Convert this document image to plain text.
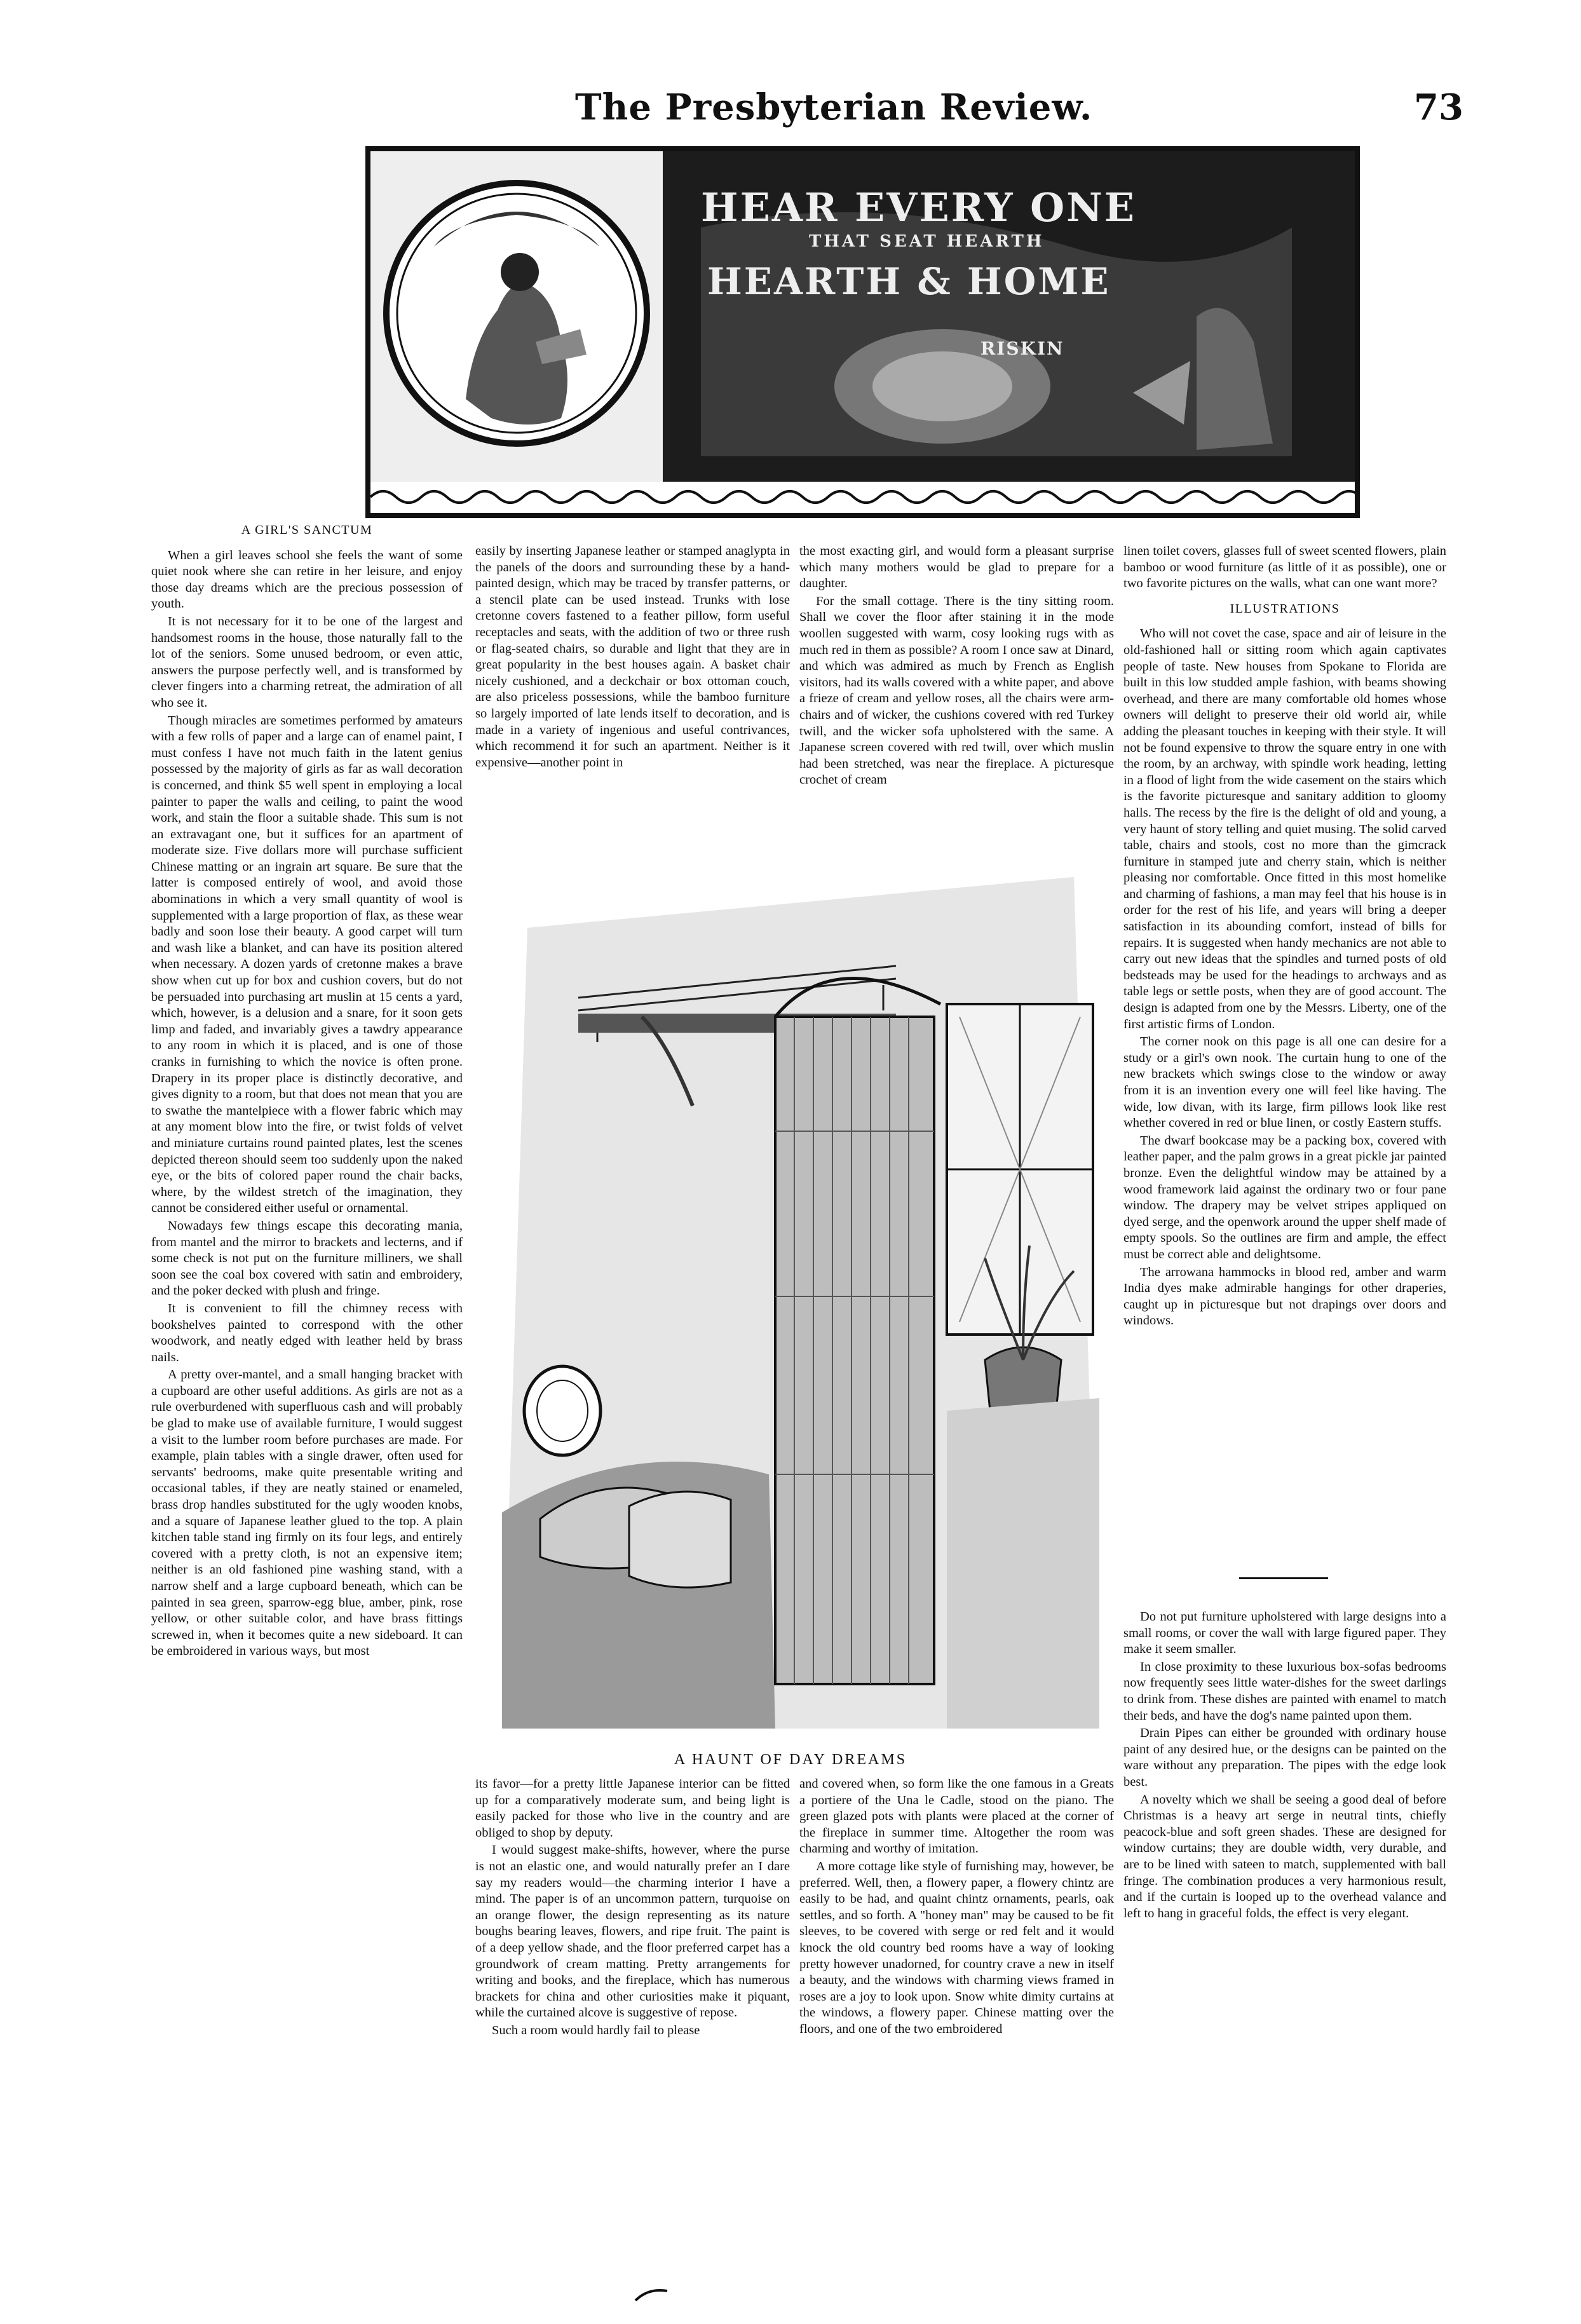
The Presbyterian Review.	73
HEAR EVERY ONE
THAT SEAT HEARTH
HEARTH & HOME
RISKIN
A GIRL'S SANCTUM

When a girl leaves school she feels the want of some quiet nook where she can retire in her leisure, and enjoy those day dreams which are the precious possession of youth.

It is not necessary for it to be one of the largest and handsomest rooms in the house, those naturally fall to the lot of the seniors. Some unused bedroom, or even attic, answers the purpose perfectly well, and is transformed by clever fingers into a charming retreat, the admiration of all who see it.

Though miracles are sometimes performed by amateurs with a few rolls of paper and a large can of enamel paint, I must confess I have not much faith in the latent genius possessed by the majority of girls as far as wall decoration is concerned, and think $5 well spent in employing a local painter to paper the walls and ceiling, to paint the wood work, and stain the floor a suitable shade. This sum is not an extravagant one, but it suffices for an apartment of moderate size. Five dollars more will purchase sufficient Chinese matting or an ingrain art square. Be sure that the latter is composed entirely of wool, and avoid those abominations in which a very small quantity of wool is supplemented with a large proportion of flax, as these wear badly and soon lose their beauty. A good carpet will turn and wash like a blanket, and can have its position altered when necessary. A dozen yards of cretonne makes a brave show when cut up for box and cushion covers, but do not be persuaded into purchasing art muslin at 15 cents a yard, which, however, is a delusion and a snare, for it soon gets limp and faded, and invariably gives a tawdry appearance to any room in which it is placed, and is one of those cranks in furnishing to which the novice is often prone. Drapery in its proper place is distinctly decorative, and gives dignity to a room, but that does not mean that you are to swathe the mantelpiece with a flower fabric which may at any moment blow into the fire, or twist folds of velvet and miniature curtains round painted plates, lest the scenes depicted thereon should seem too suddenly upon the naked eye, or the bits of colored paper round the chair backs, where, by the wildest stretch of the imagination, they cannot be considered either useful or ornamental.

Nowadays few things escape this decorating mania, from mantel and the mirror to brackets and lecterns, and if some check is not put on the furniture milliners, we shall soon see the coal box covered with satin and embroidery, and the poker decked with plush and fringe.

It is convenient to fill the chimney recess with bookshelves painted to correspond with the other woodwork, and neatly edged with leather held by brass nails.

A pretty over-mantel, and a small hanging bracket with a cupboard are other useful additions. As girls are not as a rule overburdened with superfluous cash and will probably be glad to make use of available furniture, I would suggest a visit to the lumber room before purchases are made. For example, plain tables with a single drawer, often used for servants' bedrooms, make quite presentable writing and occasional tables, if they are neatly stained or enameled, brass drop handles substituted for the ugly wooden knobs, and a square of Japanese leather glued to the top. A plain kitchen table stand ing firmly on its four legs, and entirely covered with a pretty cloth, is not an expensive item; neither is an old fashioned pine washing stand, with a narrow shelf and a large cupboard beneath, which can be painted in sea green, sparrow-egg blue, amber, pink, rose yellow, or other suitable color, and have brass fittings screwed in, when it becomes quite a new sideboard. It can be embroidered in various ways, but most

easily by inserting Japanese leather or stamped anaglypta in the panels of the doors and surrounding these by a hand-painted design, which may be traced by transfer patterns, or a stencil plate can be used instead. Trunks with lose cretonne covers fastened to a feather pillow, form useful receptacles and seats, with the addition of two or three rush or flag-seated chairs, so durable and light that they are in great popularity in the best houses again. A basket chair nicely cushioned, and a deckchair or box ottoman couch, are also priceless possessions, while the bamboo furniture so largely imported of late lends itself to decoration, and is made in a variety of ingenious and useful contrivances, which recommend it for such an apartment. Neither is it expensive—another point in

the most exacting girl, and would form a pleasant surprise which many mothers would be glad to prepare for a daughter.

For the small cottage. There is the tiny sitting room. Shall we cover the floor after staining it in the mode woollen suggested with warm, cosy looking rugs with as much red in them as possible? A room I once saw at Dinard, and which was admired as much by French as English visitors, had its walls covered with a white paper, and above a frieze of cream and yellow roses, all the chairs were arm-chairs and of wicker, the cushions covered with red Turkey twill, and the wicker sofa upholstered with the same. A Japanese screen covered with red twill, over which muslin had been stretched, was near the fireplace. A picturesque crochet of cream

linen toilet covers, glasses full of sweet scented flowers, plain bamboo or wood furniture (as little of it as possible), one or two favorite pictures on the walls, what can one want more?

ILLUSTRATIONS

Who will not covet the case, space and air of leisure in the old-fashioned hall or sitting room which again captivates people of taste. New houses from Spokane to Florida are built in this low studded ample fashion, with beams showing overhead, and there are many comfortable old homes whose owners will delight to preserve their old world air, while adding the pleasant touches in keeping with their style. It will not be found expensive to throw the square entry in one with the room, by an archway, with spindle work heading, letting in a flood of light from the wide casement on the stairs which is the favorite picturesque and sanitary addition to gloomy halls. The recess by the fire is the delight of old and young, a very haunt of story telling and quiet musing. The solid carved table, chairs and stools, cost no more than the gimcrack furniture in stamped jute and cherry stain, which is neither pleasing nor comfortable. Once fitted in this most homelike and charming of fashions, a man may feel that his house is in order for the rest of his life, and years will bring a deeper satisfaction in its abounding comfort, instead of bills for repairs. It is suggested when handy mechanics are not able to carry out new ideas that the spindles and turned posts of old bedsteads may be used for the headings to archways and as table legs or settle posts, when they are of good account. The design is adapted from one by the Messrs. Liberty, one of the first artistic firms of London.

The corner nook on this page is all one can desire for a study or a girl's own nook. The curtain hung to one of the new brackets which swings close to the window or away from it is an invention every one will feel like having. The wide, low divan, with its large, firm pillows look like rest whether covered in red or blue linen, or costly Eastern stuffs.

The dwarf bookcase may be a packing box, covered with leather paper, and the palm grows in a great pickle jar painted bronze. Even the delightful window may be attained by a wood framework laid against the ordinary two or four pane window. The drapery may be velvet stripes appliqued on dyed serge, and the openwork around the upper shelf made of empty spools. So the outlines are firm and ample, the effect must be correct able and delightsome.

The arrowana hammocks in blood red, amber and warm India dyes make admirable hangings for other draperies, caught up in picturesque but not drapings over doors and windows.

A HAUNT OF DAY DREAMS

its favor—for a pretty little Japanese interior can be fitted up for a comparatively moderate sum, and being light is easily packed for those who live in the country and are obliged to shop by deputy.

I would suggest make-shifts, however, where the purse is not an elastic one, and would naturally prefer an I dare say my readers would—the charming interior I have a mind. The paper is of an uncommon pattern, turquoise on an orange flower, the design representing as its nature boughs bearing leaves, flowers, and ripe fruit. The paint is of a deep yellow shade, and the floor preferred carpet has a groundwork of cream matting. Pretty arrangements for writing and books, and the fireplace, which has numerous brackets for china and other curiosities make it piquant, while the curtained alcove is suggestive of repose.

Such a room would hardly fail to please

and covered when, so form like the one famous in a Greats a portiere of the Una le Cadle, stood on the piano. The green glazed pots with plants were placed at the corner of the fireplace in summer time. Altogether the room was charming and worthy of imitation.

A more cottage like style of furnishing may, however, be preferred. Well, then, a flowery paper, a flowery chintz are easily to be had, and quaint chintz ornaments, pearls, oak settles, and so forth. A "honey man" may be caused to be fit sleeves, to be covered with serge or red felt and it would knock the old country bed rooms have a way of looking pretty however unadorned, for country crave a new in itself a beauty, and the windows with charming views framed in roses are a joy to look upon. Snow white dimity curtains at the windows, a flowery paper. Chinese matting over the floors, and one of the two embroidered

Do not put furniture upholstered with large designs into a small rooms, or cover the wall with large figured paper. They make it seem smaller.

In close proximity to these luxurious box-sofas bedrooms now frequently sees little water-dishes for the sweet darlings to drink from. These dishes are painted with enamel to match their beds, and have the dog's name painted upon them.

Drain Pipes can either be grounded with ordinary house paint of any desired hue, or the designs can be painted on the ware without any preparation. The pipes with the edge look best.

A novelty which we shall be seeing a good deal of before Christmas is a heavy art serge in neutral tints, chiefly peacock-blue and soft green shades. These are designed for window curtains; they are double width, very durable, and are to be lined with sateen to match, supplemented with ball fringe. The combination produces a very harmonious result, and if the curtain is looped up to the overhead valance and left to hang in graceful folds, the effect is very elegant.
